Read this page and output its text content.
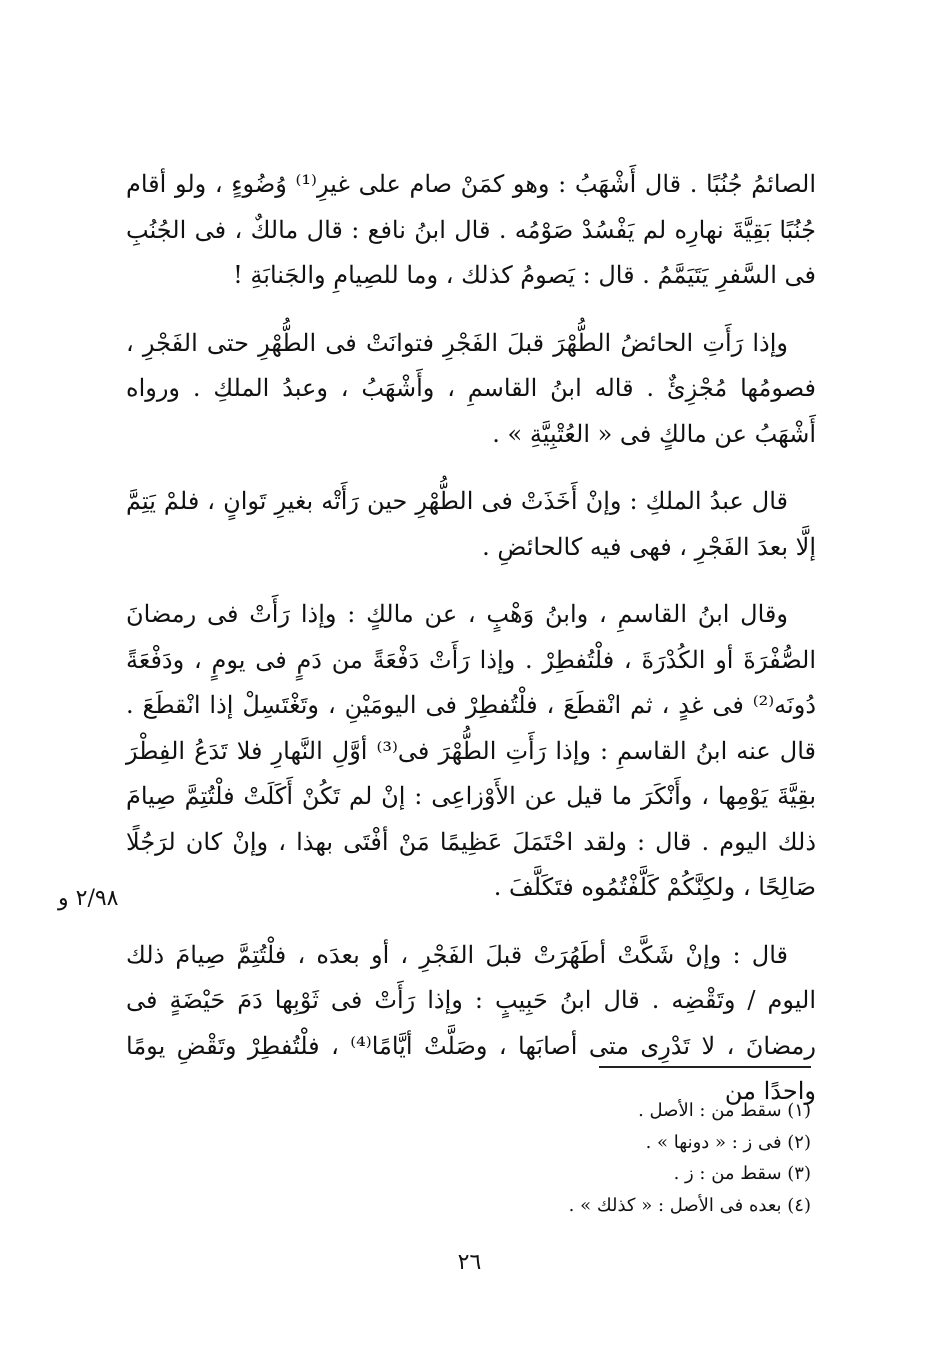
الصائمُ جُنُبًا . قال أَشْهَبُ : وهو كمَنْ صام على غيرِ⁽¹⁾ وُضُوءٍ ، ولو أقام جُنُبًا بَقِيَّةَ نهارِه لم يَفْسُدْ صَوْمُه . قال ابنُ نافع : قال مالكٌ ، فى الجُنُبِ فى السَّفرِ يَتَيَمَّمُ . قال : يَصومُ كذلك ، وما للصِيامِ والجَنابَةِ !

وإذا رَأَتِ الحائضُ الطُّهْرَ قبلَ الفَجْرِ فتوانَتْ فى الطُّهْرِ حتى الفَجْرِ ، فصومُها مُجْزِئٌ . قاله ابنُ القاسمِ ، وأَشْهَبُ ، وعبدُ الملكِ . ورواه أَشْهَبُ عن مالكٍ فى « العُتْبِيَّةِ » .

قال عبدُ الملكِ : وإنْ أَخَذَتْ فى الطُّهْرِ حين رَأَتْه بغيرِ تَوانٍ ، فلمْ يَتِمَّ إلَّا بعدَ الفَجْرِ ، فهى فيه كالحائضِ .

وقال ابنُ القاسمِ ، وابنُ وَهْبٍ ، عن مالكٍ : وإذا رَأَتْ فى رمضانَ الصُّفْرَةَ أو الكُدْرَةَ ، فلْتُفطِرْ . وإذا رَأَتْ دَفْعَةً من دَمٍ فى يومٍ ، ودَفْعَةً دُونَه⁽²⁾ فى غدٍ ، ثم انْقطَعَ ، فلْتُفطِرْ فى اليومَيْنِ ، وتَغْتَسِلْ إذا انْقطَعَ . قال عنه ابنُ القاسمِ : وإذا رَأَتِ الطُّهْرَ فى⁽³⁾ أوَّلِ النَّهارِ فلا تَدَعُ الفِطْرَ بقِيَّةَ يَوْمِها ، وأَنْكَرَ ما قيل عن الأَوْزاعِى : إنْ لم تَكُنْ أَكَلَتْ فلْتُتِمَّ صِيامَ ذلك اليوم . قال : ولقد احْتَمَلَ عَظِيمًا مَنْ أفْتَى بهذا ، وإنْ كان لرَجُلًا صَالِحًا ، ولكِنَّكُمْ كَلَّفْتُمُوه فتَكَلَّفَ .

قال : وإنْ شَكَّتْ أطَهُرَتْ قبلَ الفَجْرِ ، أو بعدَه ، فلْتُتِمَّ صِيامَ ذلك اليوم / وتَقْضِه . قال ابنُ حَبِيبٍ : وإذا رَأَتْ فى ثَوْبِها دَمَ حَيْضَةٍ فى رمضانَ ، لا تَدْرِى متى أصابَها ، وصَلَّتْ أيَّامًا⁽⁴⁾ ، فلْتُفطِرْ وتَقْضِ يومًا واحدًا من

٢/٩٨ و

(١) سقط من : الأصل .

(٢) فى ز : « دونها » .

(٣) سقط من : ز .

(٤) بعده فى الأصل : « كذلك » .

٢٦
